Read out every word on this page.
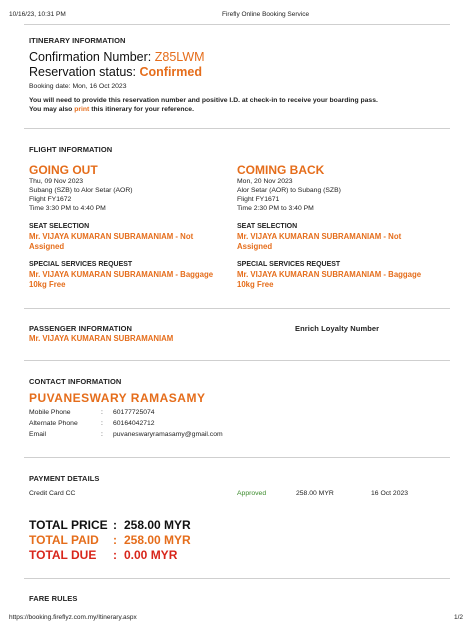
10/16/23, 10:31 PM	Firefly Online Booking Service
ITINERARY INFORMATION
Confirmation Number: Z85LWM
Reservation status: Confirmed
Booking date: Mon, 16 Oct 2023
You will need to provide this reservation number and positive I.D. at check-in to receive your boarding pass.
You may also print this itinerary for your reference.
FLIGHT INFORMATION
GOING OUT
Thu, 09 Nov 2023
Subang (SZB) to Alor Setar (AOR)
Flight FY1672
Time 3:30 PM to 4:40 PM
SEAT SELECTION
Mr. VIJAYA KUMARAN SUBRAMANIAM - Not
Assigned
SPECIAL SERVICES REQUEST
Mr. VIJAYA KUMARAN SUBRAMANIAM - Baggage
10kg Free
COMING BACK
Mon, 20 Nov 2023
Alor Setar (AOR) to Subang (SZB)
Flight FY1671
Time 2:30 PM to 3:40 PM
SEAT SELECTION
Mr. VIJAYA KUMARAN SUBRAMANIAM - Not
Assigned
SPECIAL SERVICES REQUEST
Mr. VIJAYA KUMARAN SUBRAMANIAM - Baggage
10kg Free
PASSENGER INFORMATION	Enrich Loyalty Number
Mr. VIJAYA KUMARAN SUBRAMANIAM
CONTACT INFORMATION
PUVANESWARY RAMASAMY
Mobile Phone	: 60177725074
Alternate Phone	: 60164042712
Email	: puvaneswaryramasamy@gmail.com
PAYMENT DETAILS
Credit Card CC	Approved	258.00 MYR	16 Oct 2023
TOTAL PRICE : 258.00 MYR
TOTAL PAID : 258.00 MYR
TOTAL DUE : 0.00 MYR
FARE RULES
https://booking.fireflyz.com.my/Itinerary.aspx	1/2
